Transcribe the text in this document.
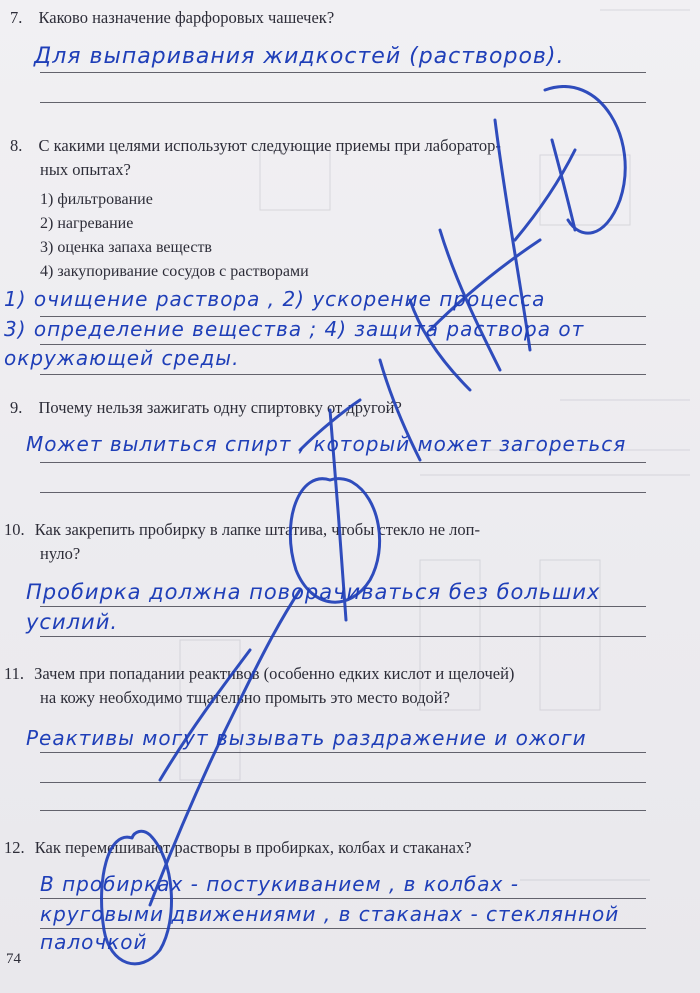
7. Каково назначение фарфоровых чашечек?
Для выпаривания жидкостей (растворов).
8. С какими целями используют следующие приемы при лаборатор-
ных опытах?
1) фильтрование
2) нагревание
3) оценка запаха веществ
4) закупоривание сосудов с растворами
1) очищение раствора , 2) ускорение процесса
3) определение вещества ; 4) защита раствора от
окружающей среды.
9. Почему нельзя зажигать одну спиртовку от другой?
Может вылиться спирт , который может загореться
10. Как закрепить пробирку в лапке штатива, чтобы стекло не лоп-
нуло?
Пробирка должна поворачиваться без больших
усилий.
11. Зачем при попадании реактивов (особенно едких кислот и щелочей)
на кожу необходимо тщательно промыть это место водой?
Реактивы могут вызывать раздражение и ожоги
12. Как перемешивают растворы в пробирках, колбах и стаканах?
В пробирках - постукиванием , в колбах -
круговыми движениями , в стаканах - стеклянной
палочкой
74
